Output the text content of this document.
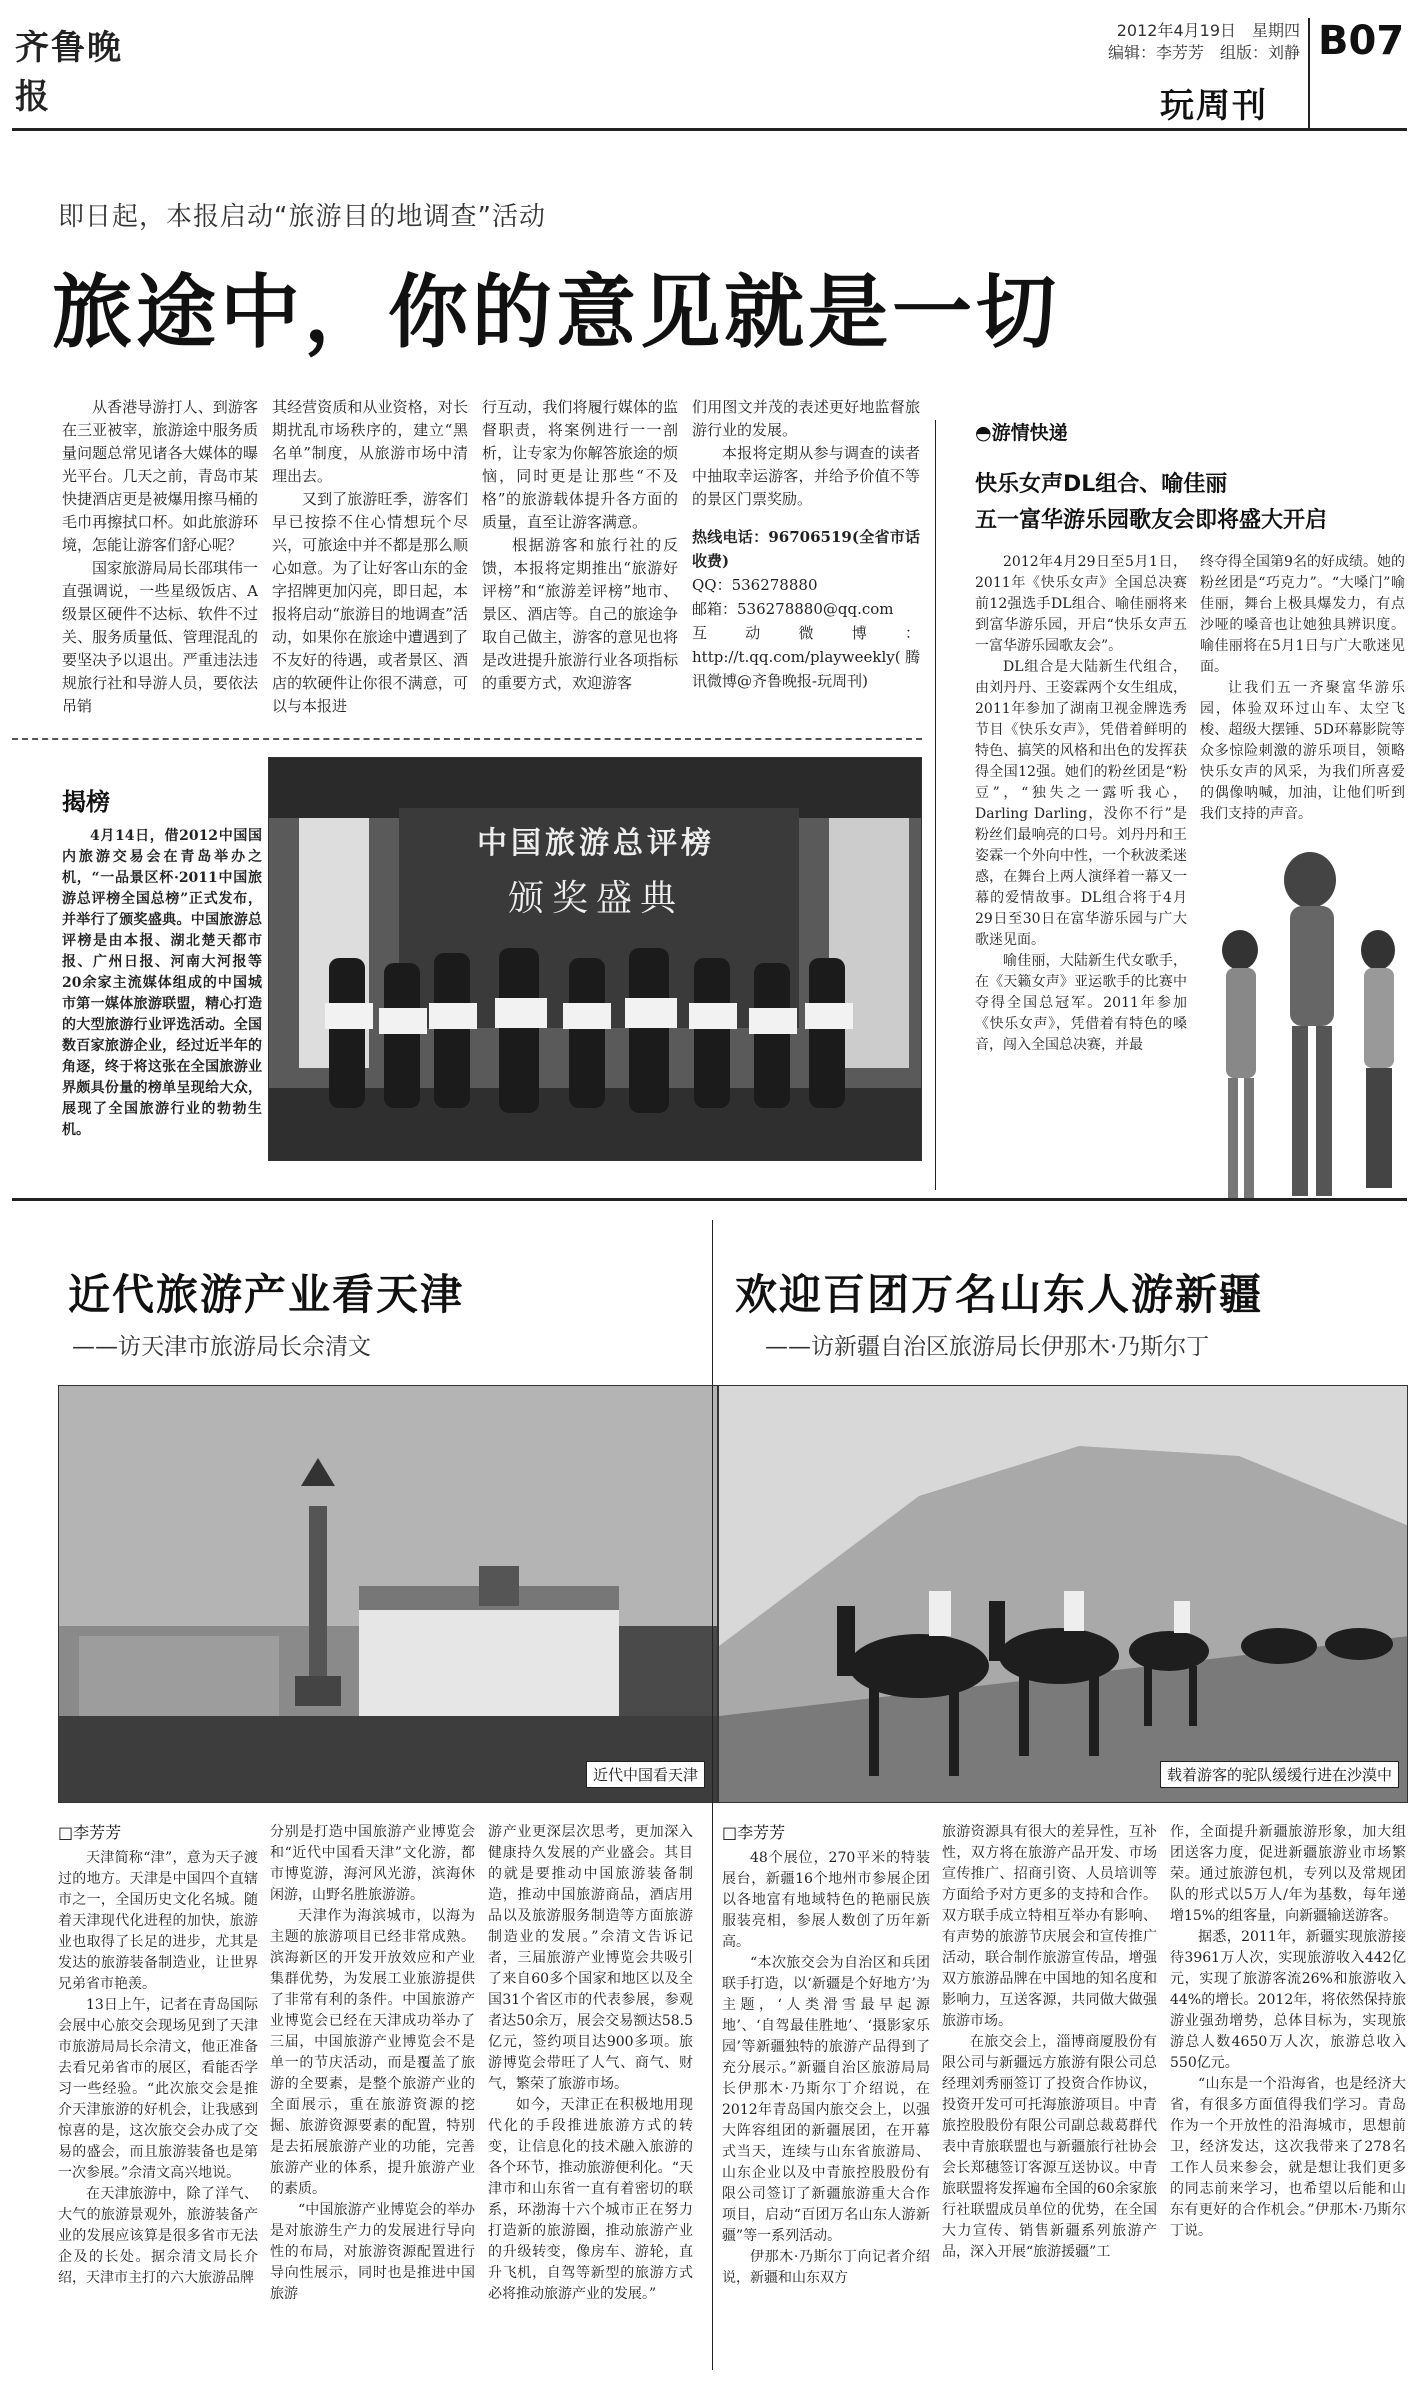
齐鲁晚报
2012年4月19日　星期四
编辑：李芳芳　组版：刘静 B07
玩周刊
即日起，本报启动“旅游目的地调查”活动
旅途中，你的意见就是一切

从香港导游打人、到游客在三亚被宰，旅游途中服务质量问题总常见诸各大媒体的曝光平台。几天之前，青岛市某快捷酒店更是被爆用擦马桶的毛巾再擦拭口杯。如此旅游环境，怎能让游客们舒心呢？

国家旅游局局长邵琪伟一直强调说，一些星级饭店、A级景区硬件不达标、软件不过关、服务质量低、管理混乱的要坚决予以退出。严重违法违规旅行社和导游人员，要依法吊销

其经营资质和从业资格，对长期扰乱市场秩序的，建立“黑名单”制度，从旅游市场中清理出去。

又到了旅游旺季，游客们早已按捺不住心情想玩个尽兴，可旅途中并不都是那么顺心如意。为了让好客山东的金字招牌更加闪亮，即日起，本报将启动“旅游目的地调查”活动，如果你在旅途中遭遇到了不友好的待遇，或者景区、酒店的软硬件让你很不满意，可以与本报进

行互动，我们将履行媒体的监督职责，将案例进行一一剖析，让专家为你解答旅途的烦恼，同时更是让那些“不及格”的旅游载体提升各方面的质量，直至让游客满意。

根据游客和旅行社的反馈，本报将定期推出“旅游好评榜”和“旅游差评榜”地市、景区、酒店等。自己的旅途争取自己做主，游客的意见也将是改进提升旅游行业各项指标的重要方式，欢迎游客

们用图文并茂的表述更好地监督旅游行业的发展。

本报将定期从参与调查的读者中抽取幸运游客，并给予价值不等的景区门票奖励。

热线电话：96706519(全省市话收费)
QQ：536278880
邮箱：536278880@qq.com
互动微博：http://t.qq.com/playweekly(腾讯微博@齐鲁晚报-玩周刊)
◓游情快递
快乐女声DL组合、喻佳丽
五一富华游乐园歌友会即将盛大开启

2012年4月29日至5月1日，2011年《快乐女声》全国总决赛前12强选手DL组合、喻佳丽将来到富华游乐园，开启“快乐女声五一富华游乐园歌友会”。

DL组合是大陆新生代组合，由刘丹丹、王姿霖两个女生组成，2011年参加了湖南卫视金牌选秀节目《快乐女声》，凭借着鲜明的特色、搞笑的风格和出色的发挥获得全国12强。她们的粉丝团是“粉豆”，“独失之一露听我心，Darling Darling，没你不行”是粉丝们最响亮的口号。刘丹丹和王姿霖一个外向中性，一个秋波柔迷惑，在舞台上两人演绎着一幕又一幕的爱情故事。DL组合将于4月29日至30日在富华游乐园与广大歌迷见面。

喻佳丽，大陆新生代女歌手，在《天籁女声》亚运歌手的比赛中夺得全国总冠军。2011年参加《快乐女声》，凭借着有特色的嗓音，闯入全国总决赛，并最

终夺得全国第9名的好成绩。她的粉丝团是“巧克力”。“大嗓门”喻佳丽，舞台上极具爆发力，有点沙哑的嗓音也让她独具辨识度。喻佳丽将在5月1日与广大歌迷见面。

让我们五一齐聚富华游乐园，体验双环过山车、太空飞梭、超级大摆锤、5D环幕影院等众多惊险刺激的游乐项目，领略快乐女声的风采，为我们所喜爱的偶像呐喊，加油，让他们听到我们支持的声音。

揭榜

4月14日，借2012中国国内旅游交易会在青岛举办之机，“一品景区杯·2011中国旅游总评榜全国总榜”正式发布，并举行了颁奖盛典。中国旅游总评榜是由本报、湖北楚天都市报、广州日报、河南大河报等20余家主流媒体组成的中国城市第一媒体旅游联盟，精心打造的大型旅游行业评选活动。全国数百家旅游企业，经过近半年的角逐，终于将这张在全国旅游业界颇具份量的榜单呈现给大众，展现了全国旅游行业的勃勃生机。

中国旅游总评榜
颁奖盛典
近代旅游产业看天津
——访天津市旅游局长佘清文
近代中国看天津
□李芳芳

天津简称“津”，意为天子渡过的地方。天津是中国四个直辖市之一，全国历史文化名城。随着天津现代化进程的加快，旅游业也取得了长足的进步，尤其是发达的旅游装备制造业，让世界兄弟省市艳羡。

13日上午，记者在青岛国际会展中心旅交会现场见到了天津市旅游局局长佘清文，他正准备去看兄弟省市的展区，看能否学习一些经验。“此次旅交会是推介天津旅游的好机会，让我感到惊喜的是，这次旅交会办成了交易的盛会，而且旅游装备也是第一次参展。”佘清文高兴地说。

在天津旅游中，除了洋气、大气的旅游景观外，旅游装备产业的发展应该算是很多省市无法企及的长处。据佘清文局长介绍，天津市主打的六大旅游品牌

分别是打造中国旅游产业博览会和“近代中国看天津”文化游，都市博览游，海河风光游，滨海休闲游，山野名胜旅游游。

天津作为海滨城市，以海为主题的旅游项目已经非常成熟。滨海新区的开发开放效应和产业集群优势，为发展工业旅游提供了非常有利的条件。中国旅游产业博览会已经在天津成功举办了三届，中国旅游产业博览会不是单一的节庆活动，而是覆盖了旅游的全要素，是整个旅游产业的全面展示，重在旅游资源的挖掘、旅游资源要素的配置，特别是去拓展旅游产业的功能，完善旅游产业的体系，提升旅游产业的素质。

“中国旅游产业博览会的举办是对旅游生产力的发展进行导向性的布局，对旅游资源配置进行导向性展示，同时也是推进中国旅游

游产业更深层次思考，更加深入健康持久发展的产业盛会。其目的就是要推动中国旅游装备制造，推动中国旅游商品，酒店用品以及旅游服务制造等方面旅游制造业的发展。”佘清文告诉记者，三届旅游产业博览会共吸引了来自60多个国家和地区以及全国31个省区市的代表参展，参观者达50余万，展会交易额达58.5亿元，签约项目达900多项。旅游博览会带旺了人气、商气、财气，繁荣了旅游市场。

如今，天津正在积极地用现代化的手段推进旅游方式的转变，让信息化的技术融入旅游的各个环节，推动旅游便利化。“天津市和山东省一直有着密切的联系，环渤海十六个城市正在努力打造新的旅游圈，推动旅游产业的升级转变，像房车、游轮，直升飞机，自驾等新型的旅游方式必将推动旅游产业的发展。”

欢迎百团万名山东人游新疆
——访新疆自治区旅游局长伊那木·乃斯尔丁
载着游客的驼队缓缓行进在沙漠中
□李芳芳

48个展位，270平米的特装展台，新疆16个地州市参展企团以各地富有地域特色的艳丽民族服装亮相，参展人数创了历年新高。

“本次旅交会为自治区和兵团联手打造，以‘新疆是个好地方’为主题，‘人类滑雪最早起源地’、‘自驾最佳胜地’、‘摄影家乐园’等新疆独特的旅游产品得到了充分展示。”新疆自治区旅游局局长伊那木·乃斯尔丁介绍说，在2012年青岛国内旅交会上，以强大阵容组团的新疆展团，在开幕式当天，连续与山东省旅游局、山东企业以及中青旅控股股份有限公司签订了新疆旅游重大合作项目，启动“百团万名山东人游新疆”等一系列活动。

伊那木·乃斯尔丁向记者介绍说，新疆和山东双方

旅游资源具有很大的差异性，互补性，双方将在旅游产品开发、市场宣传推广、招商引资、人员培训等方面给予对方更多的支持和合作。双方联手成立特相互举办有影响、有声势的旅游节庆展会和宣传推广活动，联合制作旅游宣传品，增强双方旅游品牌在中国地的知名度和影响力，互送客源，共同做大做强旅游市场。

在旅交会上，淄博商厦股份有限公司与新疆远方旅游有限公司总经理刘秀丽签订了投资合作协议，投资开发可可托海旅游项目。中青旅控股股份有限公司副总裁葛群代表中青旅联盟也与新疆旅行社协会会长郑穗签订客源互送协议。中青旅联盟将发挥遍布全国的60余家旅行社联盟成员单位的优势，在全国大力宣传、销售新疆系列旅游产品，深入开展“旅游援疆”工

作，全面提升新疆旅游形象，加大组团送客力度，促进新疆旅游业市场繁荣。通过旅游包机，专列以及常规团队的形式以5万人/年为基数，每年递增15%的组客量，向新疆输送游客。

据悉，2011年，新疆实现旅游接待3961万人次，实现旅游收入442亿元，实现了旅游客流26%和旅游收入44%的增长。2012年，将依然保持旅游业强劲增势，总体目标为，实现旅游总人数4650万人次，旅游总收入550亿元。

“山东是一个沿海省，也是经济大省，有很多方面值得我们学习。青岛作为一个开放性的沿海城市，思想前卫，经济发达，这次我带来了278名工作人员来参会，就是想让我们更多的同志前来学习，也希望以后能和山东有更好的合作机会。”伊那木·乃斯尔丁说。
